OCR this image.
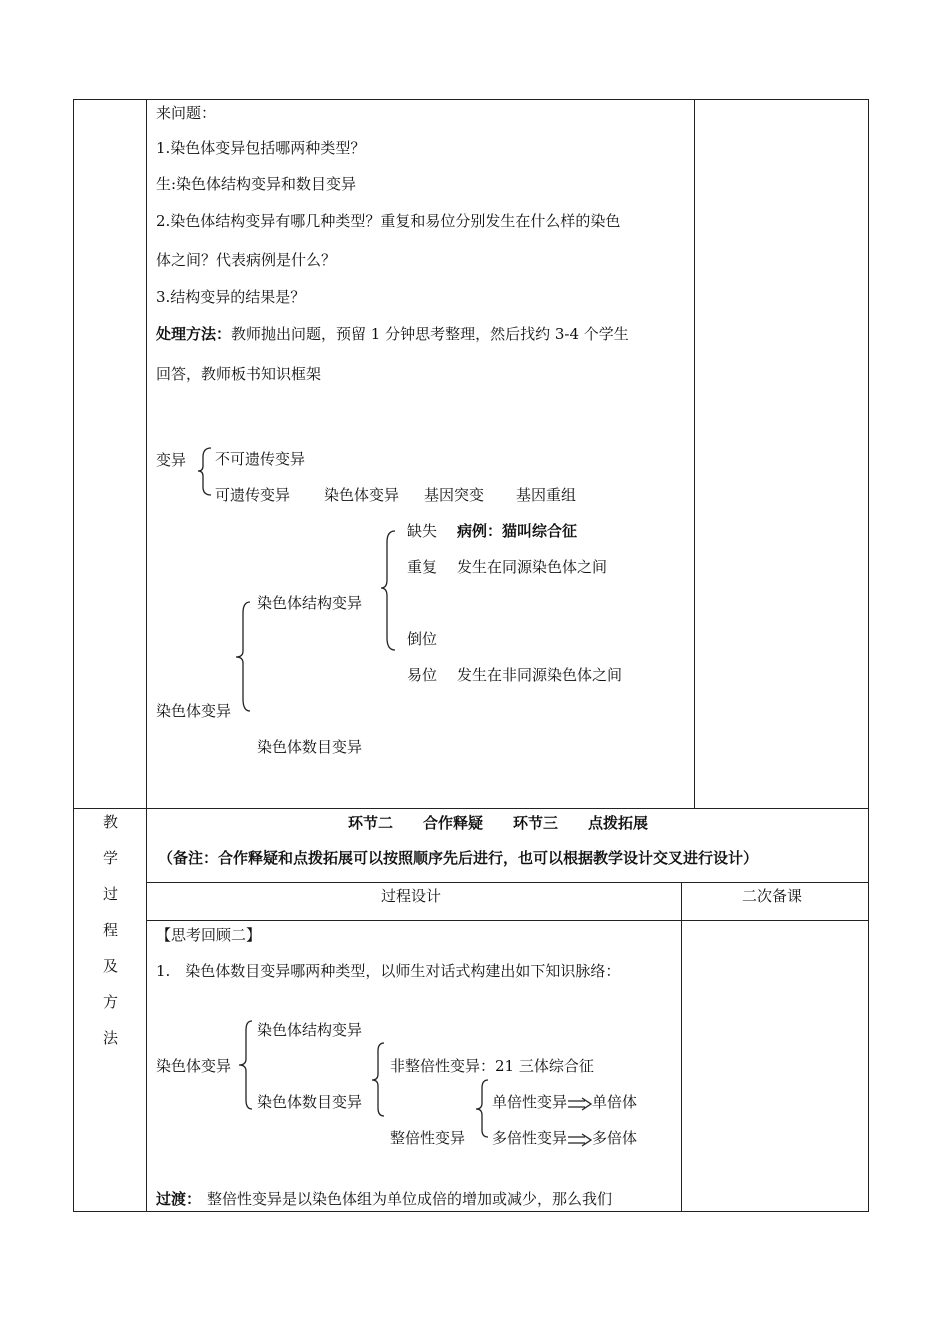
来问题：
1.染色体变异包括哪两种类型？
生:染色体结构变异和数目变异
2.染色体结构变异有哪几种类型？重复和易位分别发生在什么样的染色
体之间？代表病例是什么？
3.结构变异的结果是？
处理方法：教师抛出问题，预留 1 分钟思考整理，然后找约 3-4 个学生
回答，教师板书知识框架
变异 不可遗传变异
可遗传变异 染色体变异 基因突变 基因重组
缺失 病例：猫叫综合征
重复 发生在同源染色体之间
染色体结构变异
倒位
易位 发生在非同源染色体之间
染色体变异
染色体数目变异
教
学
过
程
及
方
法
环节二　　合作释疑　　环节三　　点拨拓展
（备注：合作释疑和点拨拓展可以按照顺序先后进行，也可以根据教学设计交叉进行设计）
过程设计	二次备课
【思考回顾二】
1.　染色体数目变异哪两种类型，以师生对话式构建出如下知识脉络：
染色体结构变异
染色体变异	非整倍性变异：21 三体综合征
染色体数目变异	单倍性变异 单倍体
整倍性变异 多倍性变异 多倍体
过渡： 整倍性变异是以染色体组为单位成倍的增加或减少，那么我们
